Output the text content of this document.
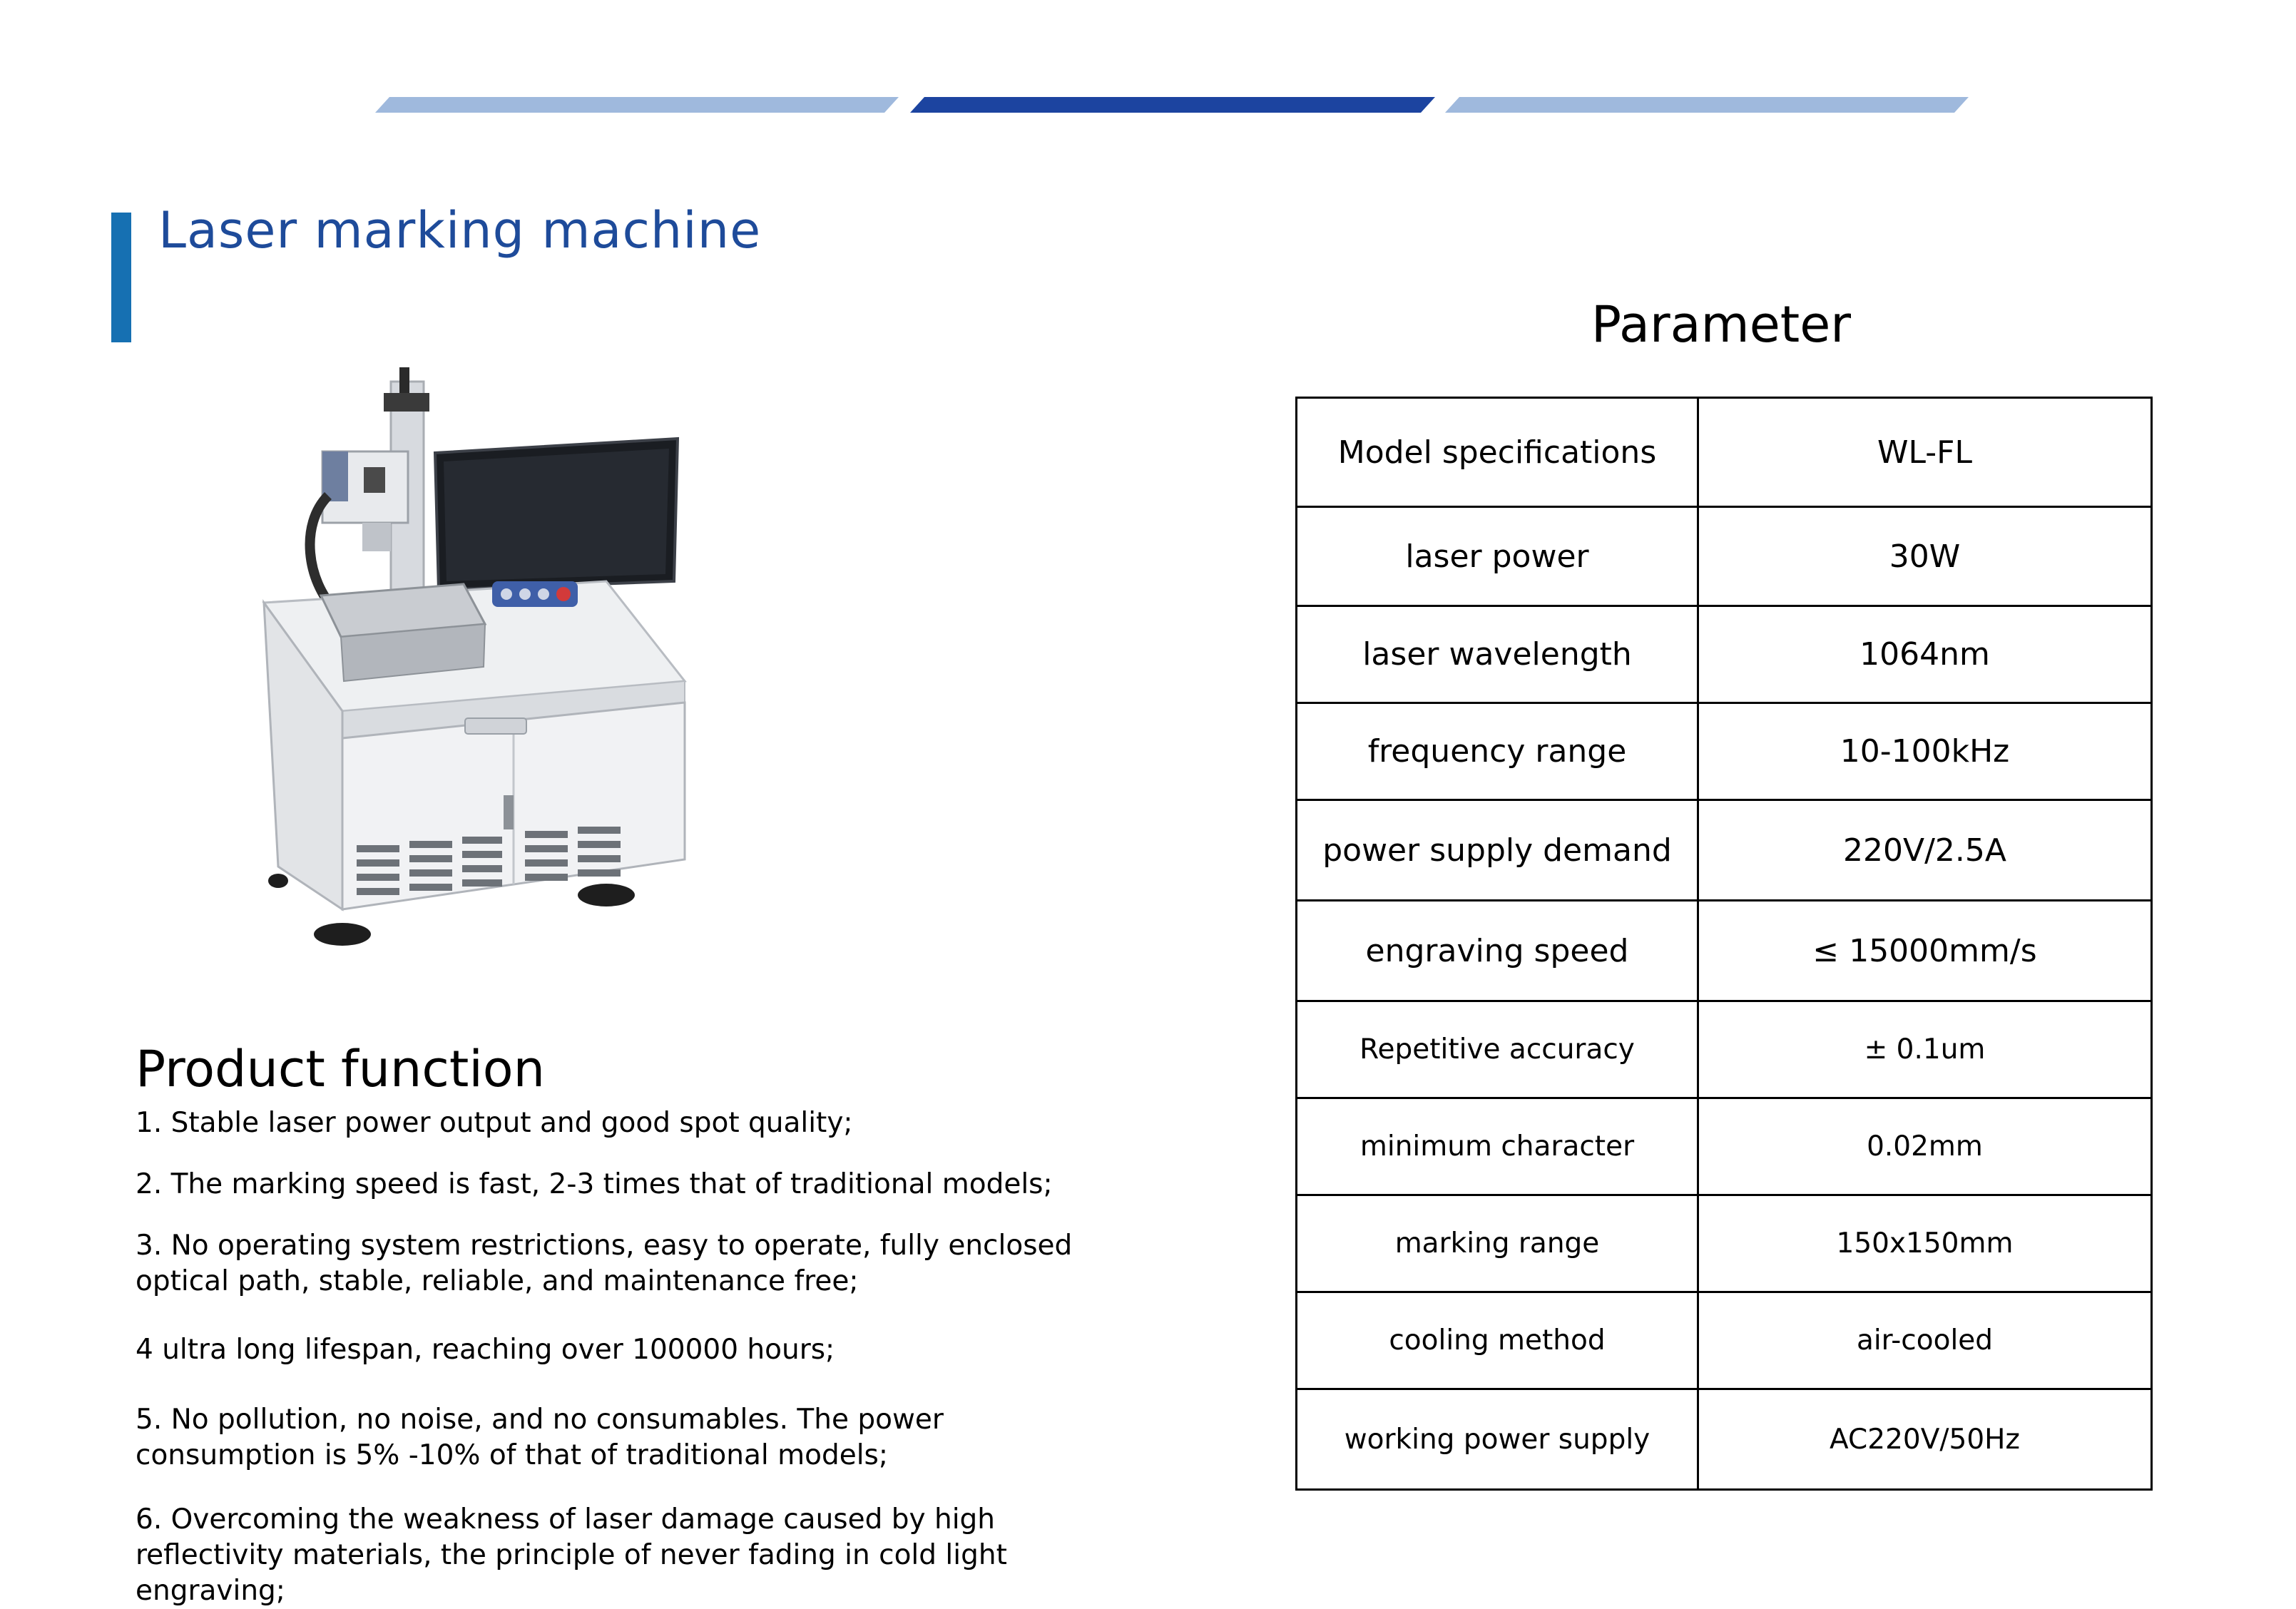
Laser marking machine
Product function
1. Stable laser power output and good spot quality;
2. The marking speed is fast, 2-3 times that of traditional models;
3. No operating system restrictions, easy to operate, fully enclosed optical path, stable, reliable, and maintenance free;
4 ultra long lifespan, reaching over 100000 hours;
5. No pollution, no noise, and no consumables. The power consumption is 5% -10% of that of traditional models;
6. Overcoming the weakness of laser damage caused by high reflectivity materials, the principle of never fading in cold light engraving;
Parameter
Model specifications	WL-FL
laser power	30W
laser wavelength	1064nm
frequency range	10-100kHz
power supply demand	220V/2.5A
engraving speed	≤ 15000mm/s
Repetitive accuracy	± 0.1um
minimum character	0.02mm
marking range	150x150mm
cooling method	air-cooled
working power supply	AC220V/50Hz
